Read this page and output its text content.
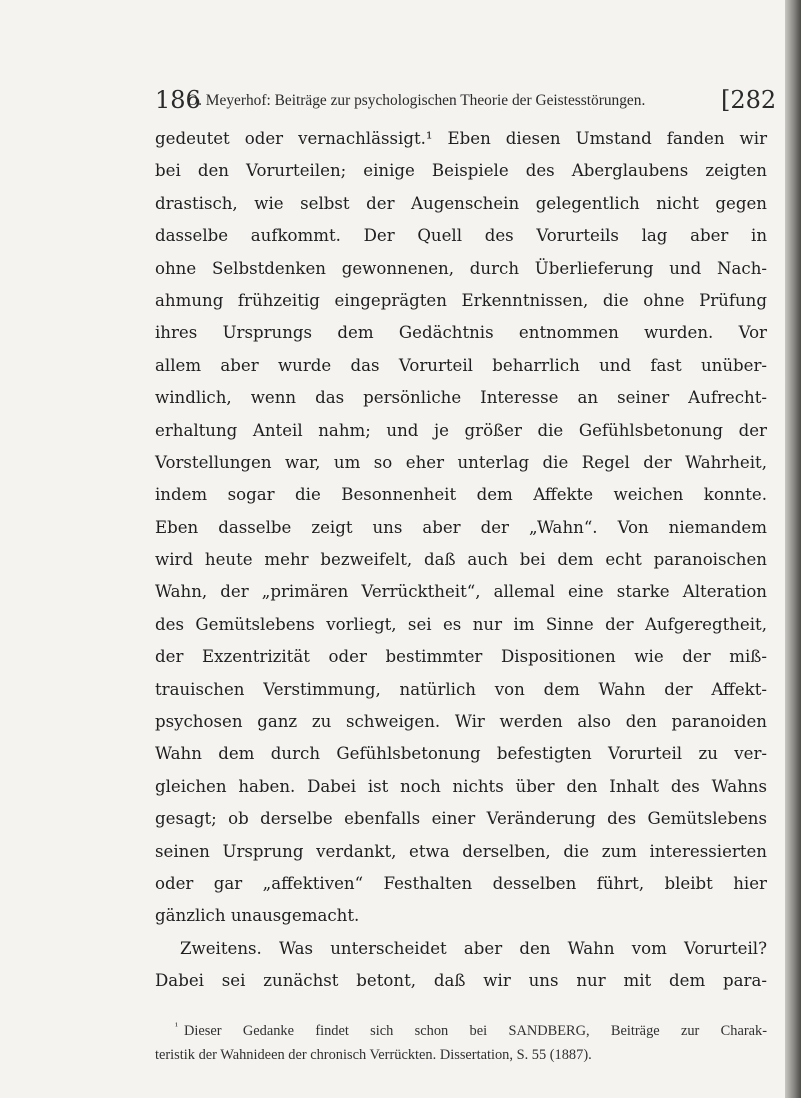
186
O. Meyerhof: Beiträge zur psychologischen Theorie der Geistesstörungen.	[282
gedeutet oder vernachlässigt.¹ Eben diesen Umstand fanden wir
bei den Vorurteilen; einige Beispiele des Aberglaubens zeigten
drastisch, wie selbst der Augenschein gelegentlich nicht gegen
dasselbe aufkommt. Der Quell des Vorurteils lag aber in
ohne Selbstdenken gewonnenen, durch Überlieferung und Nach-
ahmung frühzeitig eingeprägten Erkenntnissen, die ohne Prüfung
ihres Ursprungs dem Gedächtnis entnommen wurden. Vor
allem aber wurde das Vorurteil beharrlich und fast unüber-
windlich, wenn das persönliche Interesse an seiner Aufrecht-
erhaltung Anteil nahm; und je größer die Gefühlsbetonung der
Vorstellungen war, um so eher unterlag die Regel der Wahrheit,
indem sogar die Besonnenheit dem Affekte weichen konnte.
Eben dasselbe zeigt uns aber der „Wahn“. Von niemandem
wird heute mehr bezweifelt, daß auch bei dem echt paranoischen
Wahn, der „primären Verrücktheit“, allemal eine starke Alteration
des Gemütslebens vorliegt, sei es nur im Sinne der Aufgeregtheit,
der Exzentrizität oder bestimmter Dispositionen wie der miß-
trauischen Verstimmung, natürlich von dem Wahn der Affekt-
psychosen ganz zu schweigen. Wir werden also den paranoiden
Wahn dem durch Gefühlsbetonung befestigten Vorurteil zu ver-
gleichen haben. Dabei ist noch nichts über den Inhalt des Wahns
gesagt; ob derselbe ebenfalls einer Veränderung des Gemütslebens
seinen Ursprung verdankt, etwa derselben, die zum interessierten
oder gar „affektiven“ Festhalten desselben führt, bleibt hier
gänzlich unausgemacht.
Zweitens. Was unterscheidet aber den Wahn vom Vorurteil?
Dabei sei zunächst betont, daß wir uns nur mit dem para-
$^{^1}$ Dieser Gedanke findet sich schon bei SANDBERG, Beiträge zur Charak-
teristik der Wahnideen der chronisch Verrückten. Dissertation, S. 55 (1887).
